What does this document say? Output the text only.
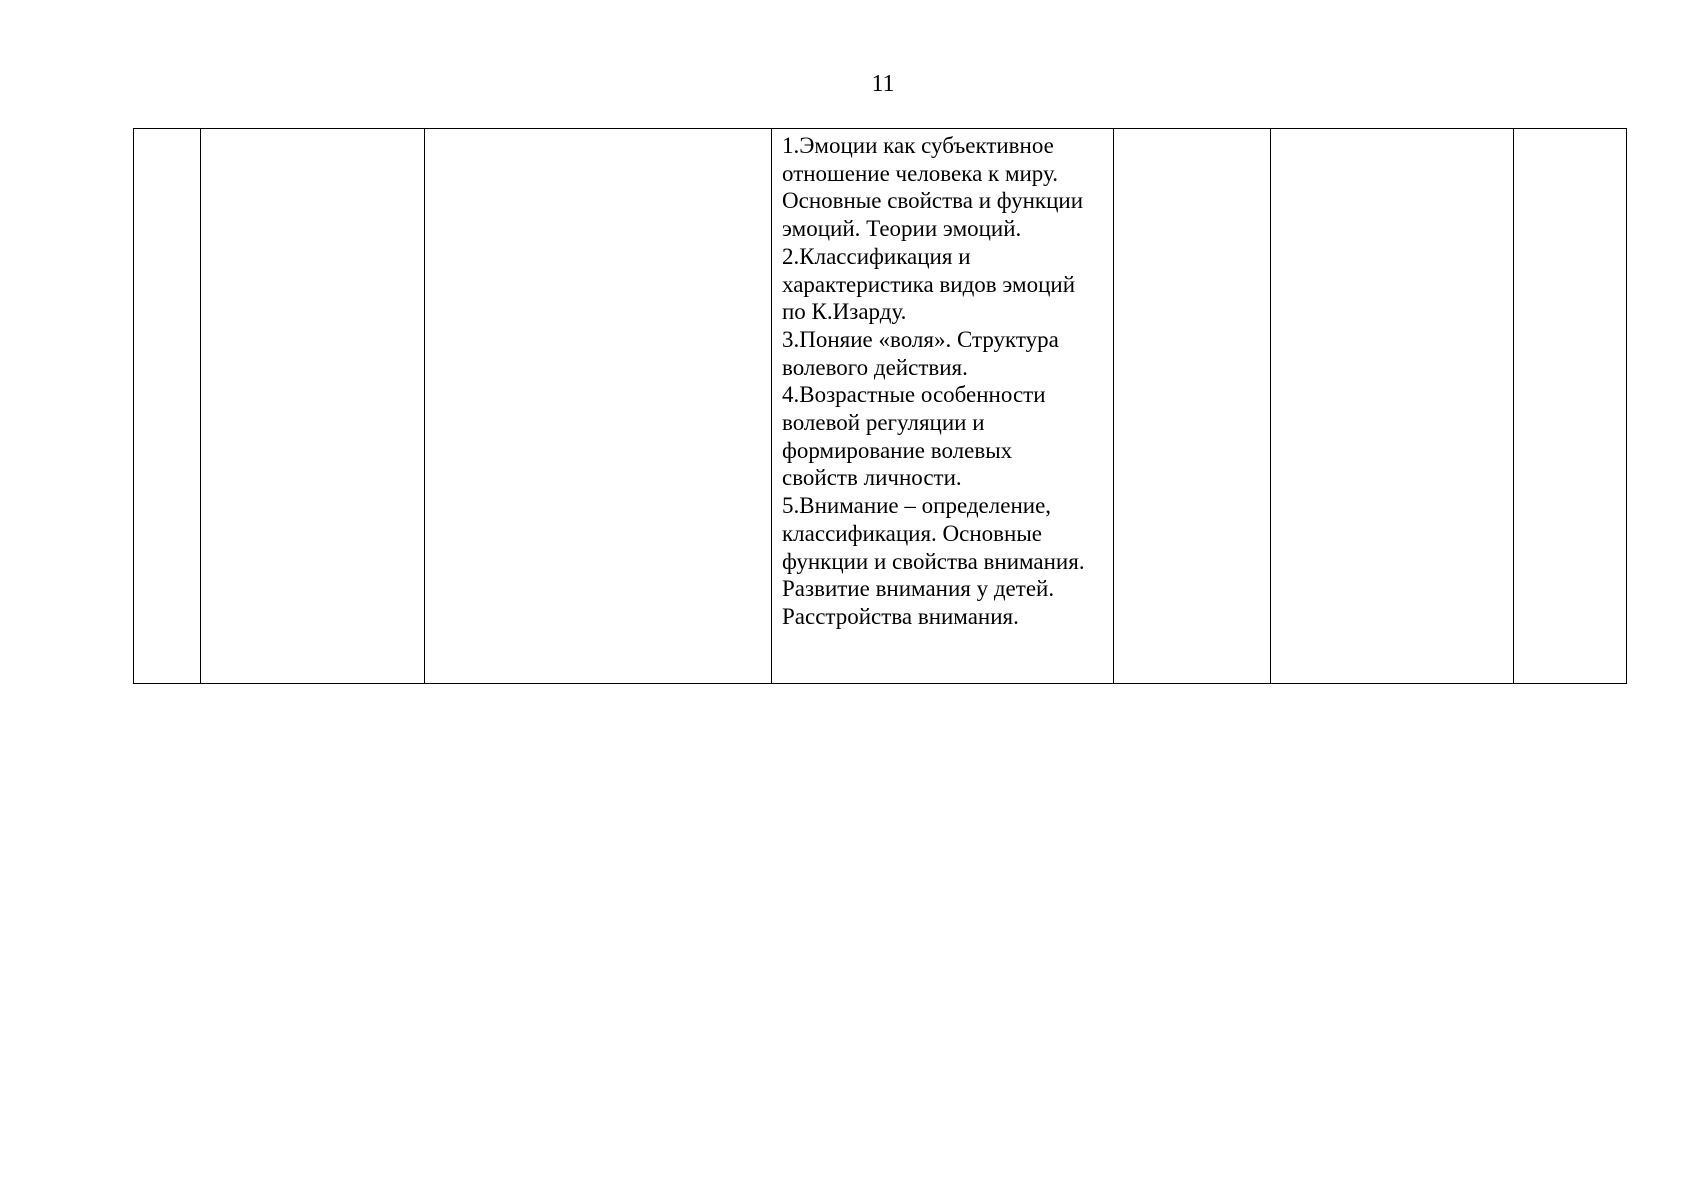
11

1.Эмоции как субъективное
отношение человека к миру.
Основные свойства и функции
эмоций. Теории эмоций.
2.Классификация и
характеристика видов эмоций
по К.Изарду.
3.Поняие «воля». Структура
волевого действия.
4.Возрастные особенности
волевой регуляции и
формирование волевых
свойств личности.
5.Внимание – определение,
классификация. Основные
функции и свойства внимания.
Развитие внимания у детей.
Расстройства внимания.
